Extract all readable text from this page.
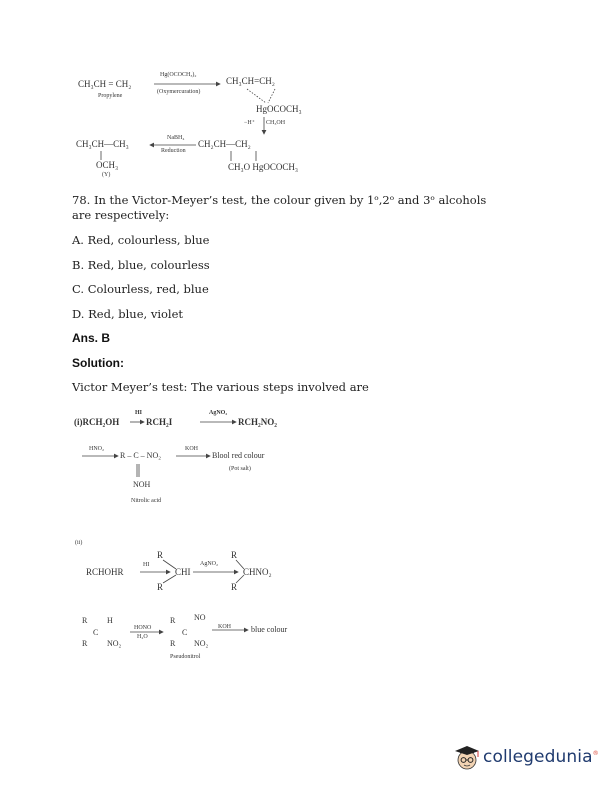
CH₃CH = CH₂
Propylene
Hg(OCOCH₃)₂
(Oxymercuration)
CH₃CH=CH₂
HgOCOCH₃
−H⁺ CH₃OH
CH₂CH—CH₂
CH₃O HgOCOCH₃
NaBH₄
Reduction
CH₃CH—CH₃
OCH₃
(Y)
78. In the Victor-Meyer’s test, the colour given by 1ᵒ,2ᵒ and 3ᵒ alcohols are respectively:
A. Red, colourless, blue
B. Red, blue, colourless
C. Colourless, red, blue
D. Red, blue, violet
Ans. B
Solution:
Victor Meyer’s test: The various steps involved are
(i)RCH₂OH
HI
RCH₂I
AgNO₂
RCH₂NO₂
HNO₂
R – C – NO₂
KOH
Blool red colour
(Pot salt)
NOH
Nitrolic acid
(ii)
RCHOHR
HI
R
CHI
R
AgNO₂
R
CHNO₂
R
R H
C
R NO₂
HONO
H₂O
R NO
C
R NO₂
Pseudonitrol
KOH	blue colour
collegedunia®
